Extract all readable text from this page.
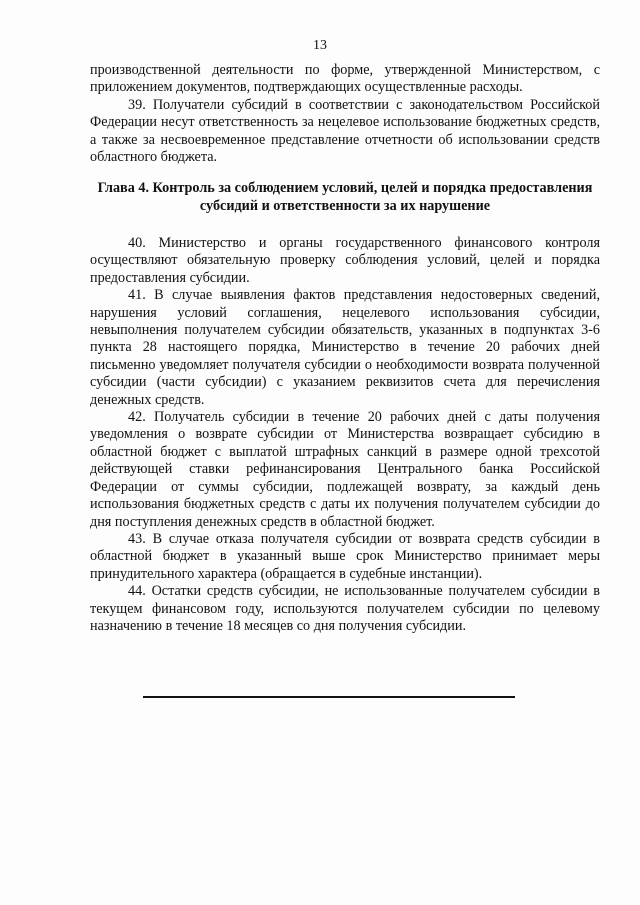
13

производственной деятельности по форме, утвержденной Министерством, с приложением документов, подтверждающих осуществленные расходы.

39. Получатели субсидий в соответствии с законодательством Российской Федерации несут ответственность за нецелевое использование бюджетных средств, а также за несвоевременное представление отчетности об использовании средств областного бюджета.

Глава 4. Контроль за соблюдением условий, целей и порядка предоставления субсидий и ответственности за их нарушение

40. Министерство и органы государственного финансового контроля осуществляют обязательную проверку соблюдения условий, целей и порядка предоставления субсидии.

41. В случае выявления фактов представления недостоверных сведений, нарушения условий соглашения, нецелевого использования субсидии, невыполнения получателем субсидии обязательств, указанных в подпунктах 3-6 пункта 28 настоящего порядка, Министерство в течение 20 рабочих дней письменно уведомляет получателя субсидии о необходимости возврата полученной субсидии (части субсидии) с указанием реквизитов счета для перечисления денежных средств.

42. Получатель субсидии в течение 20 рабочих дней с даты получения уведомления о возврате субсидии от Министерства возвращает субсидию в областной бюджет с выплатой штрафных санкций в размере одной трехсотой действующей ставки рефинансирования Центрального банка Российской Федерации от суммы субсидии, подлежащей возврату, за каждый день использования бюджетных средств с даты их получения получателем субсидии до дня поступления денежных средств в областной бюджет.

43. В случае отказа получателя субсидии от возврата средств субсидии в областной бюджет в указанный выше срок Министерство принимает меры принудительного характера (обращается в судебные инстанции).

44. Остатки средств субсидии, не использованные получателем субсидии в текущем финансовом году, используются получателем субсидии по целевому назначению в течение 18 месяцев со дня получения субсидии.
